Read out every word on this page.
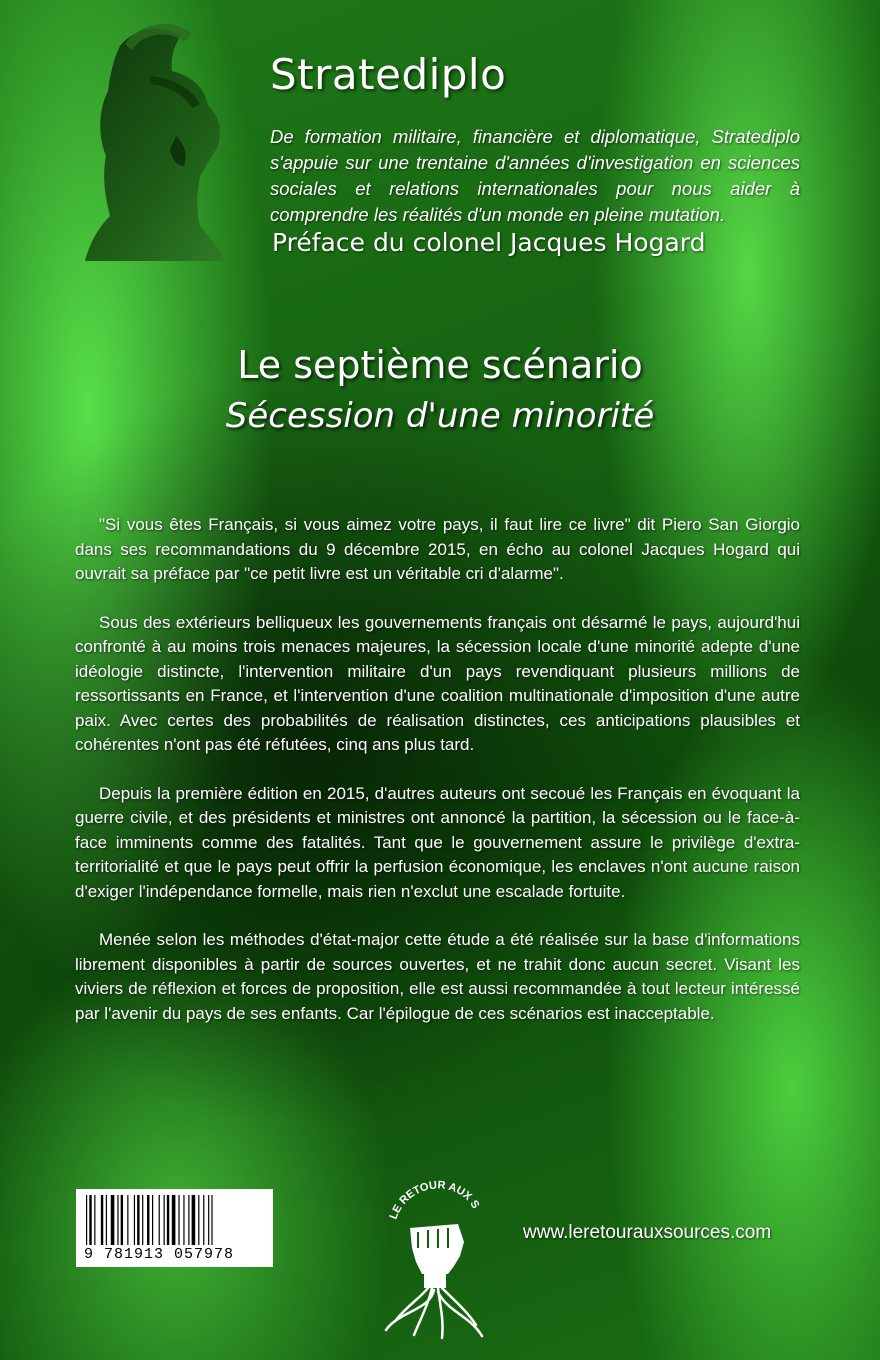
Stratediplo
De formation militaire, financière et diplomatique, Stratediplo s'appuie sur une trentaine d'années d'investigation en sciences sociales et relations internationales pour nous aider à comprendre les réalités d'un monde en pleine mutation.
Préface du colonel Jacques Hogard
Le septième scénario
Sécession d'une minorité

"Si vous êtes Français, si vous aimez votre pays, il faut lire ce livre" dit Piero San Giorgio dans ses recommandations du 9 décembre 2015, en écho au colonel Jacques Hogard qui ouvrait sa préface par "ce petit livre est un véritable cri d'alarme".

Sous des extérieurs belliqueux les gouvernements français ont désarmé le pays, aujourd'hui confronté à au moins trois menaces majeures, la sécession locale d'une minorité adepte d'une idéologie distincte, l'intervention militaire d'un pays revendiquant plusieurs millions de ressortissants en France, et l'intervention d'une coalition multinationale d'imposition d'une autre paix. Avec certes des probabilités de réalisation distinctes, ces anticipations plausibles et cohérentes n'ont pas été réfutées, cinq ans plus tard.

Depuis la première édition en 2015, d'autres auteurs ont secoué les Français en évoquant la guerre civile, et des présidents et ministres ont annoncé la partition, la sécession ou le face-à-face imminents comme des fatalités. Tant que le gouvernement assure le privilège d'extra-territorialité et que le pays peut offrir la perfusion économique, les enclaves n'ont aucune raison d'exiger l'indépendance formelle, mais rien n'exclut une escalade fortuite.

Menée selon les méthodes d'état-major cette étude a été réalisée sur la base d'informations librement disponibles à partir de sources ouvertes, et ne trahit donc aucun secret. Visant les viviers de réflexion et forces de proposition, elle est aussi recommandée à tout lecteur intéressé par l'avenir du pays de ses enfants. Car l'épilogue de ces scénarios est inacceptable.

9 781913 057978
LE RETOUR AUX S
www.leretourauxsources.com
